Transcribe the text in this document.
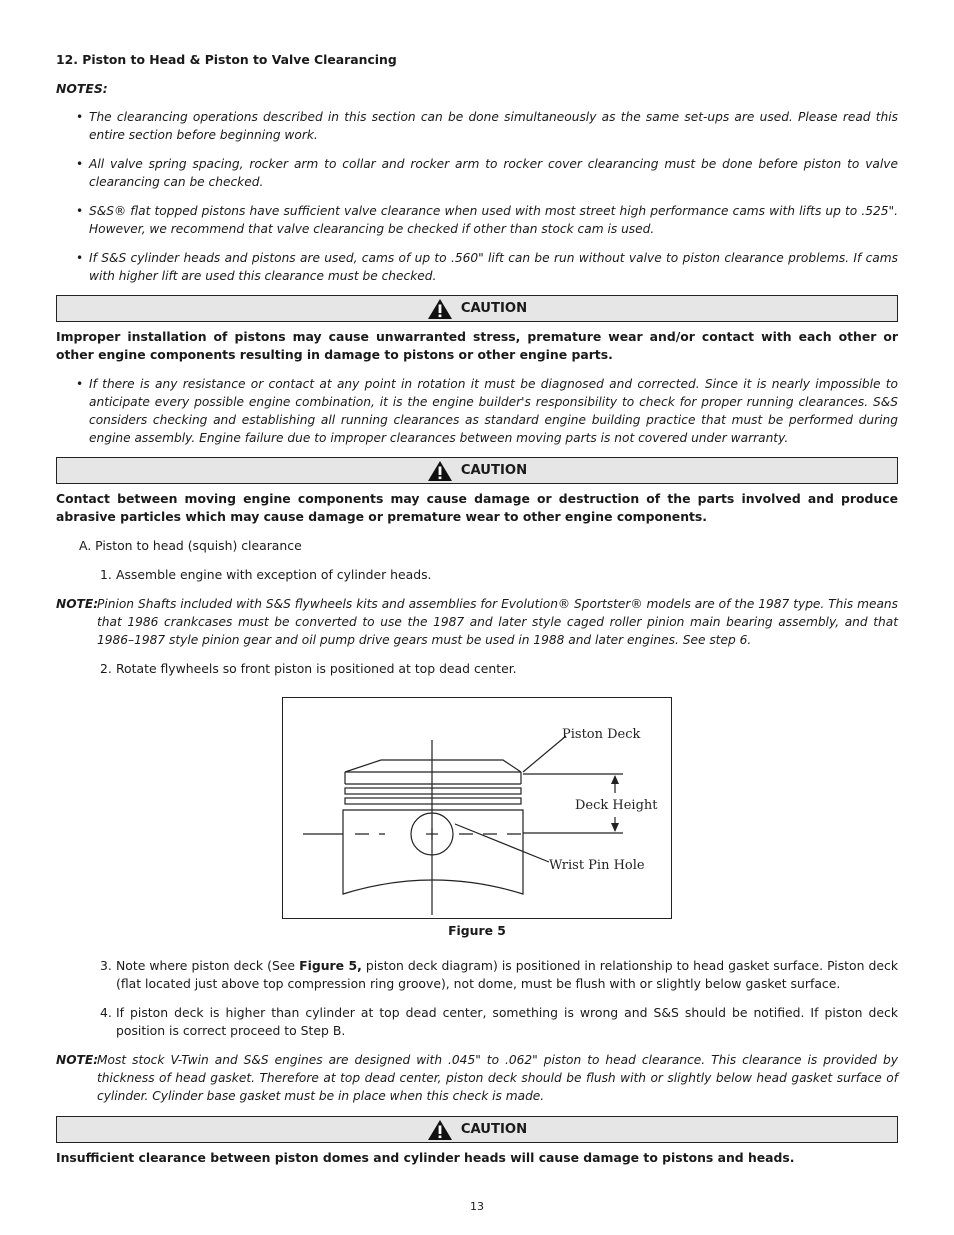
12. Piston to Head & Piston to Valve Clearancing
NOTES:
• The clearancing operations described in this section can be done simultaneously as the same set-ups are used. Please read this entire section before beginning work.
• All valve spring spacing, rocker arm to collar and rocker arm to rocker cover clearancing must be done before piston to valve clearancing can be checked.
• S&S® flat topped pistons have sufficient valve clearance when used with most street high performance cams with lifts up to .525". However, we recommend that valve clearancing be checked if other than stock cam is used.
• If S&S cylinder heads and pistons are used, cams of up to .560" lift can be run without valve to piston clearance problems. If cams with higher lift are used this clearance must be checked.
CAUTION
Improper installation of pistons may cause unwarranted stress, premature wear and/or contact with each other or other engine components resulting in damage to pistons or other engine parts.
• If there is any resistance or contact at any point in rotation it must be diagnosed and corrected. Since it is nearly impossible to anticipate every possible engine combination, it is the engine builder's responsibility to check for proper running clearances. S&S considers checking and establishing all running clearances as standard engine building practice that must be performed during engine assembly. Engine failure due to improper clearances between moving parts is not covered under warranty.
CAUTION
Contact between moving engine components may cause damage or destruction of the parts involved and produce abrasive particles which may cause damage or premature wear to other engine components.
A. Piston to head (squish) clearance
1. Assemble engine with exception of cylinder heads.
NOTE:
Pinion Shafts included with S&S flywheels kits and assemblies for Evolution® Sportster® models are of the 1987 type. This means that 1986 crankcases must be converted to use the 1987 and later style caged roller pinion main bearing assembly, and that 1986–1987 style pinion gear and oil pump drive gears must be used in 1988 and later engines. See step 6.
2. Rotate flywheels so front piston is positioned at top dead center.
Piston Deck
Deck Height
Wrist Pin Hole
Figure 5
3. Note where piston deck (See Figure 5, piston deck diagram) is positioned in relationship to head gasket surface. Piston deck (flat located just above top compression ring groove), not dome, must be flush with or slightly below gasket surface.
4. If piston deck is higher than cylinder at top dead center, something is wrong and S&S should be notified. If piston deck position is correct proceed to Step B.
NOTE:
Most stock V-Twin and S&S engines are designed with .045" to .062" piston to head clearance. This clearance is provided by thickness of head gasket. Therefore at top dead center, piston deck should be flush with or slightly below head gasket surface of cylinder. Cylinder base gasket must be in place when this check is made.
CAUTION
Insufficient clearance between piston domes and cylinder heads will cause damage to pistons and heads.
13
